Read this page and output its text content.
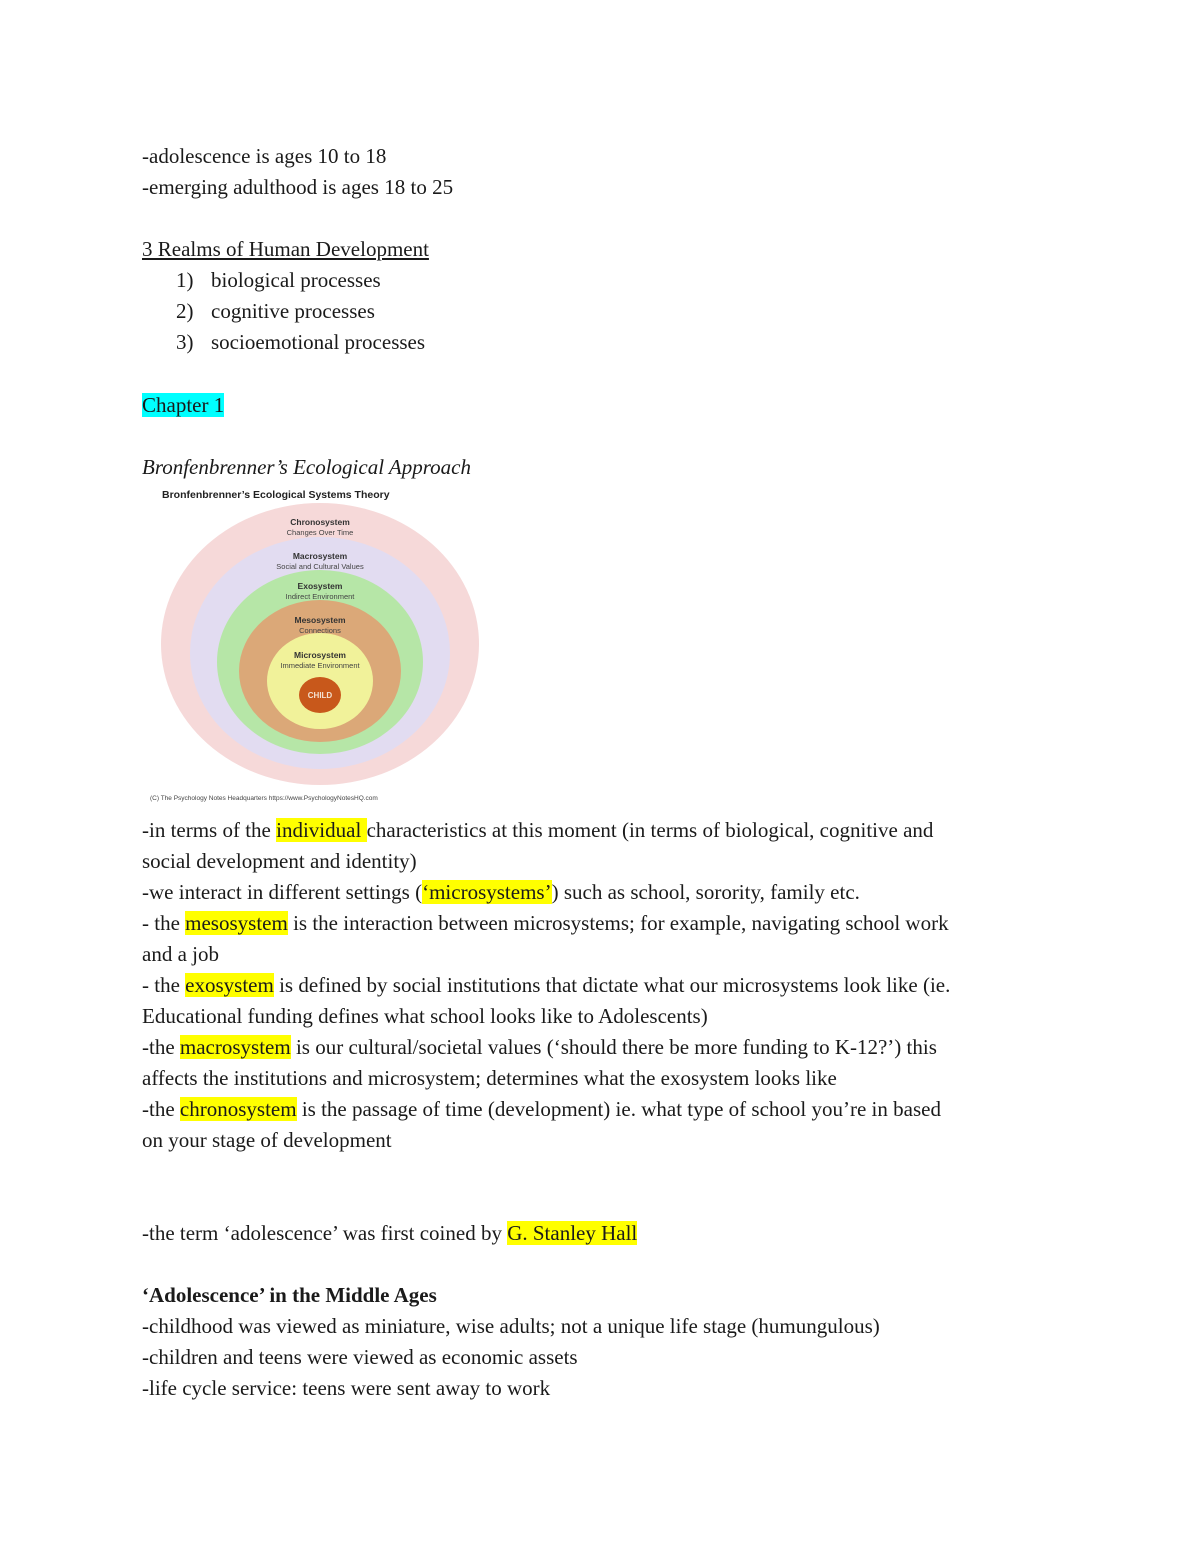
-adolescence is ages 10 to 18
-emerging adulthood is ages 18 to 25
3 Realms of Human Development
1) biological processes
2) cognitive processes
3) socioemotional processes
Chapter 1
Bronfenbrenner’s Ecological Approach
Bronfenbrenner’s Ecological Systems Theory
Chronosystem
Changes Over Time
Macrosystem
Social and Cultural Values
Exosystem
Indirect Environment
Mesosystem
Connections
Microsystem
Immediate Environment
CHILD
(C) The Psychology Notes Headquarters https://www.PsychologyNotesHQ.com
-in terms of the individual characteristics at this moment (in terms of biological, cognitive and
social development and identity)
-we interact in different settings (‘microsystems’) such as school, sorority, family etc.
- the mesosystem is the interaction between microsystems; for example, navigating school work
and a job
- the exosystem is defined by social institutions that dictate what our microsystems look like (ie.
Educational funding defines what school looks like to Adolescents)
-the macrosystem is our cultural/societal values (‘should there be more funding to K-12?’) this
affects the institutions and microsystem; determines what the exosystem looks like
-the chronosystem is the passage of time (development) ie. what type of school you’re in based
on your stage of development
-the term ‘adolescence’ was first coined by G. Stanley Hall
‘Adolescence’ in the Middle Ages
-childhood was viewed as miniature, wise adults; not a unique life stage (humungulous)
-children and teens were viewed as economic assets
-life cycle service: teens were sent away to work
